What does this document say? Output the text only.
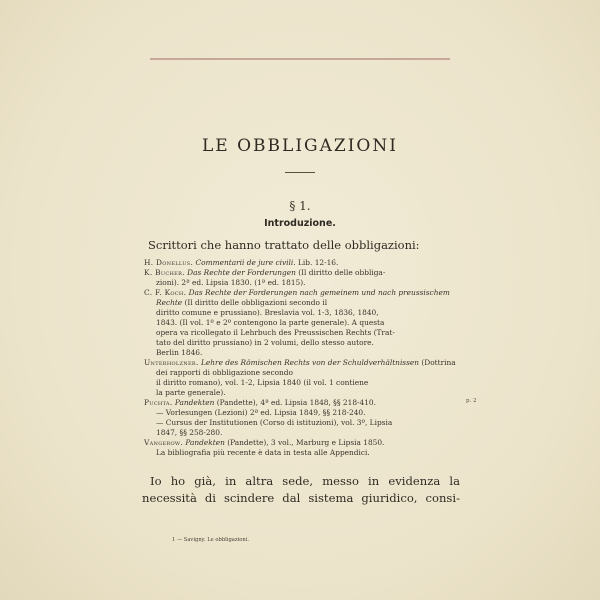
LE OBBLIGAZIONI
§ 1.
Introduzione.
Scrittori che hanno trattato delle obbligazioni:
H. Donellus. Commentarii de jure civili. Lib. 12-16.
K. Bucher. Das Rechte der Forderungen (Il diritto delle obbliga-
zioni). 2ª ed. Lipsia 1830. (1ª ed. 1815).
C. F. Koch. Das Rechte der Forderungen nach gemeinem und nach preussischem Rechte (Il diritto delle obbligazioni secondo il
diritto comune e prussiano). Breslavia vol. 1-3, 1836, 1840,
1843. (Il vol. 1º e 2º contengono la parte generale). A questa
opera va ricollegato il Lehrbuch des Preussischen Rechts (Trat-
tato del diritto prussiano) in 2 volumi, dello stesso autore.
Berlin 1846.
Unterholzner. Lehre des Römischen Rechts von der Schuldverhältnissen (Dottrina dei rapporti di obbligazione secondo
il diritto romano), vol. 1-2, Lipsia 1840 (il vol. 1 contiene
la parte generale).
Puchta. Pandekten (Pandette), 4ª ed. Lipsia 1848, §§ 218-410.
— Vorlesungen (Lezioni) 2ª ed. Lipsia 1849, §§ 218-240.
— Cursus der Institutionen (Corso di istituzioni), vol. 3º, Lipsia
1847, §§ 258-280.
Vangerow. Pandekten (Pandette), 3 vol., Marburg e Lipsia 1850.
La bibliografia più recente è data in testa alle Appendici.
p. 2
Io ho già, in altra sede, messo in evidenza la
necessità di scindere dal sistema giuridico, consi-
1 — Savigny. Le obbligazioni.
